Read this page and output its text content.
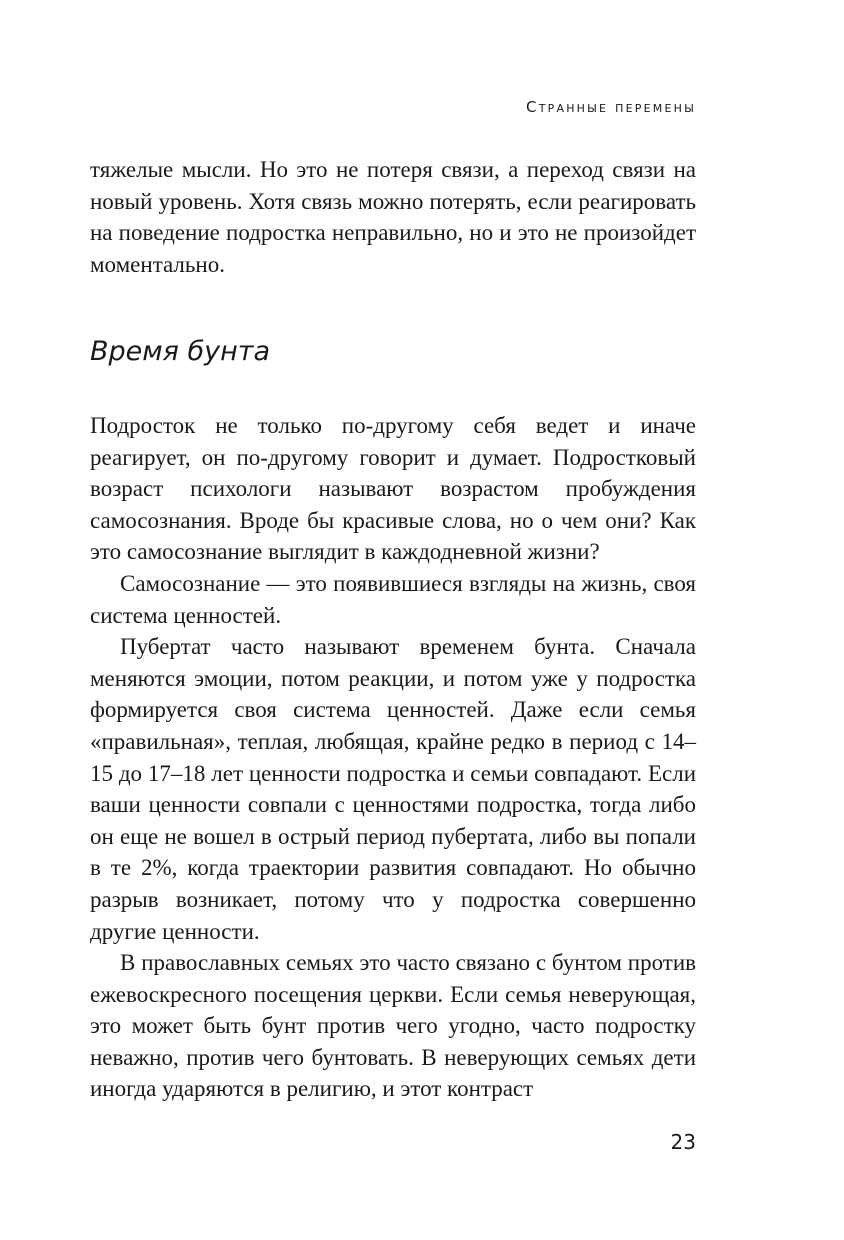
Странные перемены

тяжелые мысли. Но это не потеря связи, а переход связи на новый уровень. Хотя связь можно потерять, если реагировать на поведение подростка неправильно, но и это не произойдет моментально.

Время бунта

Подросток не только по-другому себя ведет и иначе реагирует, он по-другому говорит и думает. Подростковый возраст психологи называют возрастом пробуждения самосознания. Вроде бы красивые слова, но о чем они? Как это самосознание выглядит в каждодневной жизни?

Самосознание — это появившиеся взгляды на жизнь, своя система ценностей.

Пубертат часто называют временем бунта. Сначала меняются эмоции, потом реакции, и потом уже у подростка формируется своя система ценностей. Даже если семья «правильная», теплая, любящая, крайне редко в период с 14–15 до 17–18 лет ценности подростка и семьи совпадают. Если ваши ценности совпали с ценностями подростка, тогда либо он еще не вошел в острый период пубертата, либо вы попали в те 2%, когда траектории развития совпадают. Но обычно разрыв возникает, потому что у подростка совершенно другие ценности.

В православных семьях это часто связано с бунтом против ежевоскресного посещения церкви. Если семья неверующая, это может быть бунт против чего угодно, часто подростку неважно, против чего бунтовать. В неверующих семьях дети иногда ударяются в религию, и этот контраст

23
